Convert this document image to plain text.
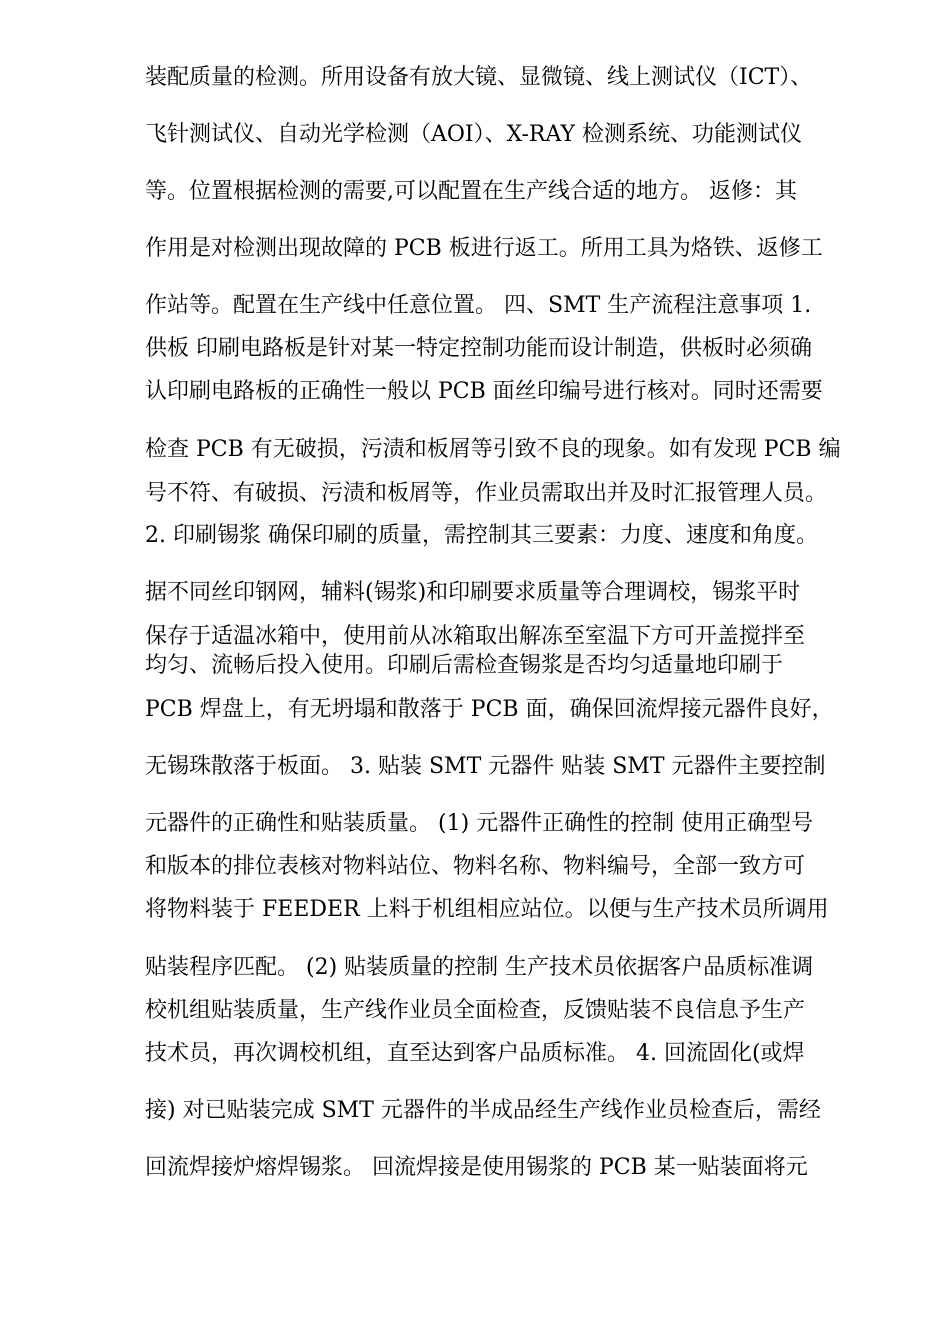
装配质量的检测。所用设备有放大镜、显微镜、线上测试仪（ICT）、
飞针测试仪、自动光学检测（AOI）、X-RAY 检测系统、功能测试仪
等。位置根据检测的需要,可以配置在生产线合适的地方。 返修：其
作用是对检测出现故障的 PCB 板进行返工。所用工具为烙铁、返修工
作站等。配置在生产线中任意位置。 四、SMT 生产流程注意事项 1.
供板 印刷电路板是针对某一特定控制功能而设计制造，供板时必须确
认印刷电路板的正确性一般以 PCB 面丝印编号进行核对。同时还需要
检查 PCB 有无破损，污渍和板屑等引致不良的现象。如有发现 PCB 编
号不符、有破损、污渍和板屑等，作业员需取出并及时汇报管理人员。
2. 印刷锡浆 确保印刷的质量，需控制其三要素：力度、速度和角度。
据不同丝印钢网，辅料(锡浆)和印刷要求质量等合理调校，锡浆平时
保存于适温冰箱中，使用前从冰箱取出解冻至室温下方可开盖搅拌至
均匀、流畅后投入使用。印刷后需检查锡浆是否均匀适量地印刷于
PCB 焊盘上，有无坍塌和散落于 PCB 面，确保回流焊接元器件良好，
无锡珠散落于板面。 3. 贴装 SMT 元器件 贴装 SMT 元器件主要控制
元器件的正确性和贴装质量。 (1) 元器件正确性的控制 使用正确型号
和版本的排位表核对物料站位、物料名称、物料编号，全部一致方可
将物料装于 FEEDER 上料于机组相应站位。以便与生产技术员所调用
贴装程序匹配。 (2) 贴装质量的控制 生产技术员依据客户品质标准调
校机组贴装质量，生产线作业员全面检查，反馈贴装不良信息予生产
技术员，再次调校机组，直至达到客户品质标准。 4. 回流固化(或焊
接) 对已贴装完成 SMT 元器件的半成品经生产线作业员检查后，需经
回流焊接炉熔焊锡浆。 回流焊接是使用锡浆的 PCB 某一贴装面将元
